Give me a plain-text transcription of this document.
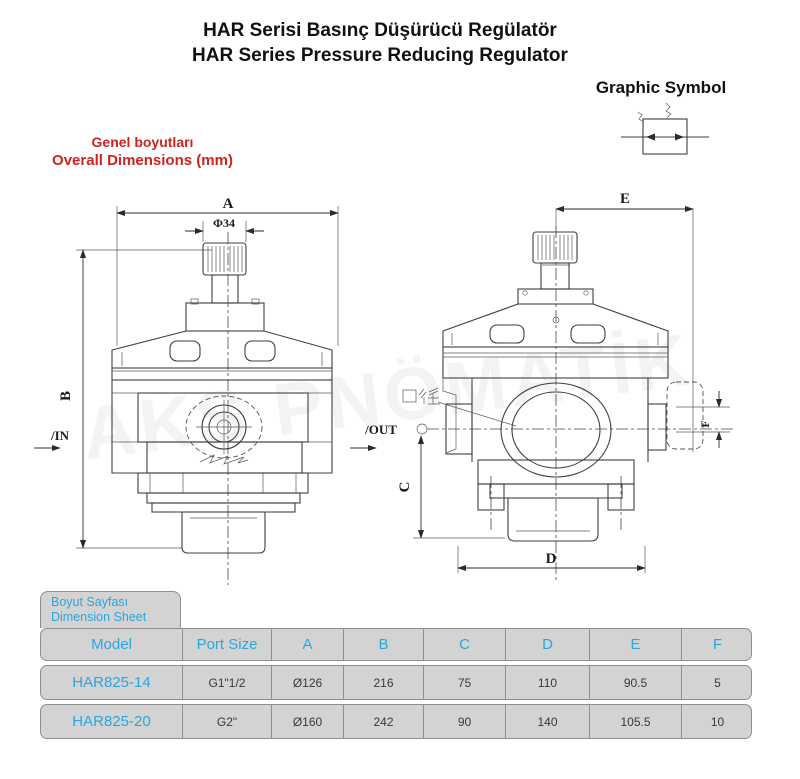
HAR Serisi Basınç Düşürücü Regülatör
HAR Series Pressure Reducing Regulator
Graphic Symbol
Genel boyutları
Overall Dimensions (mm)
A
Φ34
B
/IN
E
/OUT
C
D
F
Boyut Sayfası
Dimension Sheet
Model	Port Size	A	B	C	D	E	F
HAR825-14	G1"1/2	Ø126	216	75	110	90.5	5
HAR825-20	G2"	Ø160	242	90	140	105.5	10
